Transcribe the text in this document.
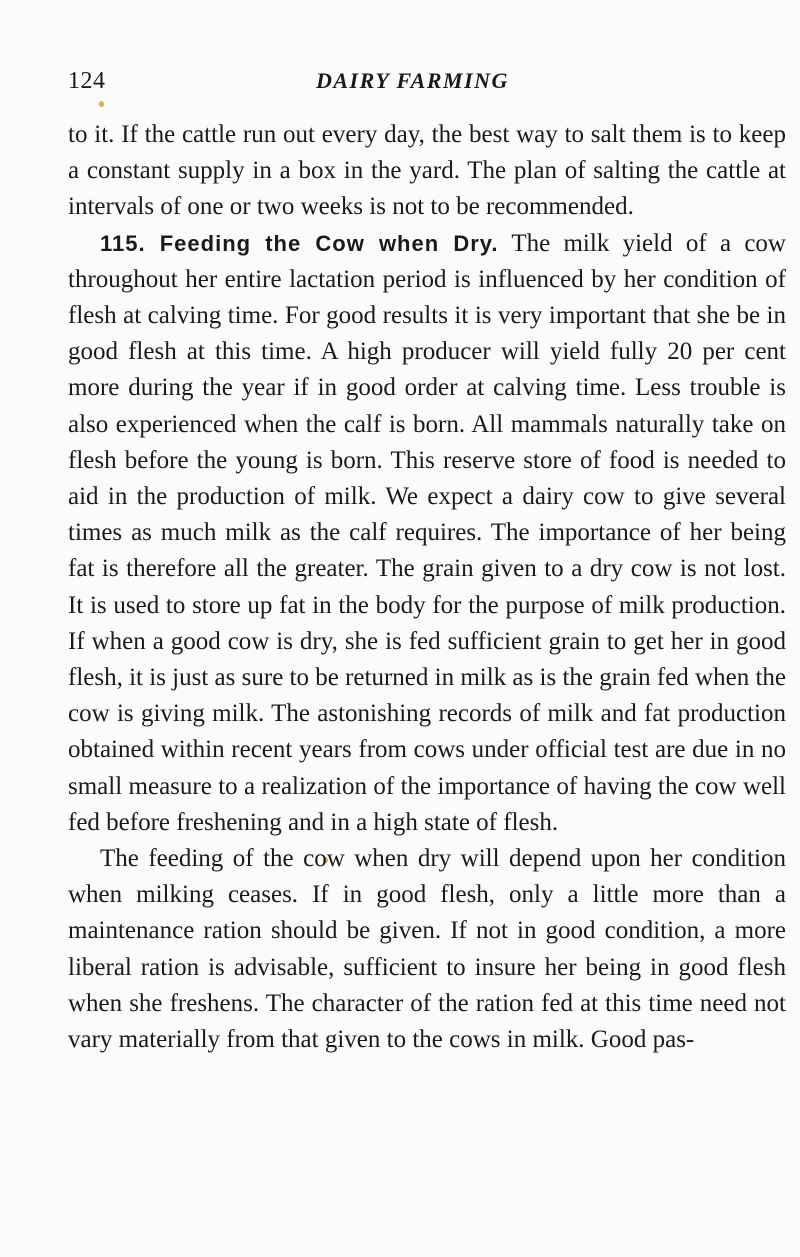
124	DAIRY FARMING

to it. If the cattle run out every day, the best way to salt them is to keep a constant supply in a box in the yard. The plan of salting the cattle at intervals of one or two weeks is not to be recommended.

115. Feeding the Cow when Dry. The milk yield of a cow throughout her entire lactation period is influenced by her condition of flesh at calving time. For good results it is very important that she be in good flesh at this time. A high producer will yield fully 20 per cent more during the year if in good order at calving time. Less trouble is also experienced when the calf is born. All mammals naturally take on flesh before the young is born. This reserve store of food is needed to aid in the production of milk. We expect a dairy cow to give several times as much milk as the calf requires. The importance of her being fat is therefore all the greater. The grain given to a dry cow is not lost. It is used to store up fat in the body for the purpose of milk production. If when a good cow is dry, she is fed sufficient grain to get her in good flesh, it is just as sure to be returned in milk as is the grain fed when the cow is giving milk. The astonishing records of milk and fat production obtained within recent years from cows under official test are due in no small measure to a realization of the importance of having the cow well fed before freshening and in a high state of flesh.

The feeding of the cow when dry will depend upon her condition when milking ceases. If in good flesh, only a little more than a maintenance ration should be given. If not in good condition, a more liberal ration is advisable, sufficient to insure her being in good flesh when she freshens. The character of the ration fed at this time need not vary materially from that given to the cows in milk. Good pas-
